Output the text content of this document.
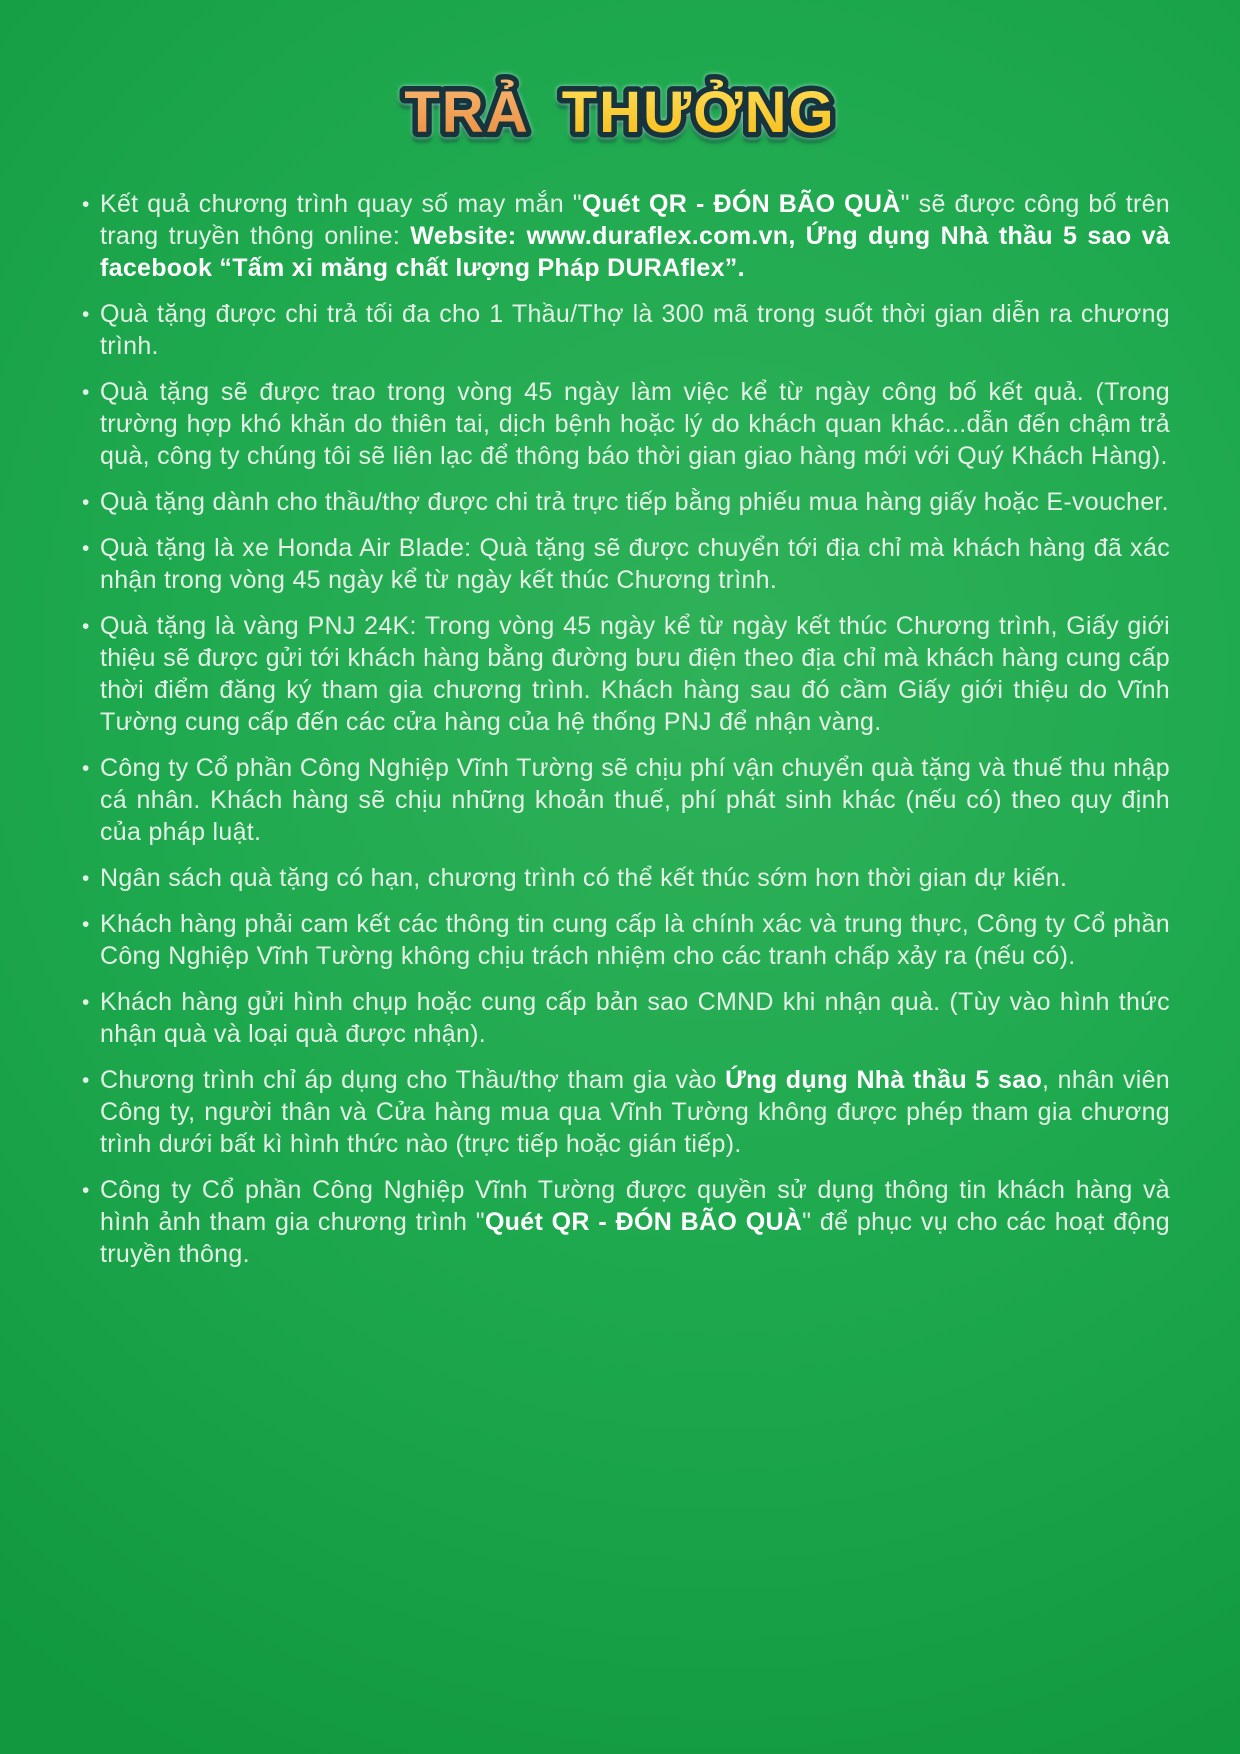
TRẢ THƯỞNG
• Kết quả chương trình quay số may mắn "Quét QR - ĐÓN BÃO QUÀ" sẽ được công bố trên trang truyền thông online: Website: www.duraflex.com.vn, Ứng dụng Nhà thầu 5 sao và facebook “Tấm xi măng chất lượng Pháp DURAflex”.
• Quà tặng được chi trả tối đa cho 1 Thầu/Thợ là 300 mã trong suốt thời gian diễn ra chương trình.
• Quà tặng sẽ được trao trong vòng 45 ngày làm việc kể từ ngày công bố kết quả. (Trong trường hợp khó khăn do thiên tai, dịch bệnh hoặc lý do khách quan khác...dẫn đến chậm trả quà, công ty chúng tôi sẽ liên lạc để thông báo thời gian giao hàng mới với Quý Khách Hàng).
• Quà tặng dành cho thầu/thợ được chi trả trực tiếp bằng phiếu mua hàng giấy hoặc E-voucher.
• Quà tặng là xe Honda Air Blade: Quà tặng sẽ được chuyển tới địa chỉ mà khách hàng đã xác nhận trong vòng 45 ngày kể từ ngày kết thúc Chương trình.
• Quà tặng là vàng PNJ 24K: Trong vòng 45 ngày kể từ ngày kết thúc Chương trình, Giấy giới thiệu sẽ được gửi tới khách hàng bằng đường bưu điện theo địa chỉ mà khách hàng cung cấp thời điểm đăng ký tham gia chương trình. Khách hàng sau đó cầm Giấy giới thiệu do Vĩnh Tường cung cấp đến các cửa hàng của hệ thống PNJ để nhận vàng.
• Công ty Cổ phần Công Nghiệp Vĩnh Tường sẽ chịu phí vận chuyển quà tặng và thuế thu nhập cá nhân. Khách hàng sẽ chịu những khoản thuế, phí phát sinh khác (nếu có) theo quy định của pháp luật.
• Ngân sách quà tặng có hạn, chương trình có thể kết thúc sớm hơn thời gian dự kiến.
• Khách hàng phải cam kết các thông tin cung cấp là chính xác và trung thực, Công ty Cổ phần Công Nghiệp Vĩnh Tường không chịu trách nhiệm cho các tranh chấp xảy ra (nếu có).
• Khách hàng gửi hình chụp hoặc cung cấp bản sao CMND khi nhận quà. (Tùy vào hình thức nhận quà và loại quà được nhận).
• Chương trình chỉ áp dụng cho Thầu/thợ tham gia vào Ứng dụng Nhà thầu 5 sao, nhân viên Công ty, người thân và Cửa hàng mua qua Vĩnh Tường không được phép tham gia chương trình dưới bất kì hình thức nào (trực tiếp hoặc gián tiếp).
• Công ty Cổ phần Công Nghiệp Vĩnh Tường được quyền sử dụng thông tin khách hàng và hình ảnh tham gia chương trình "Quét QR - ĐÓN BÃO QUÀ" để phục vụ cho các hoạt động truyền thông.
